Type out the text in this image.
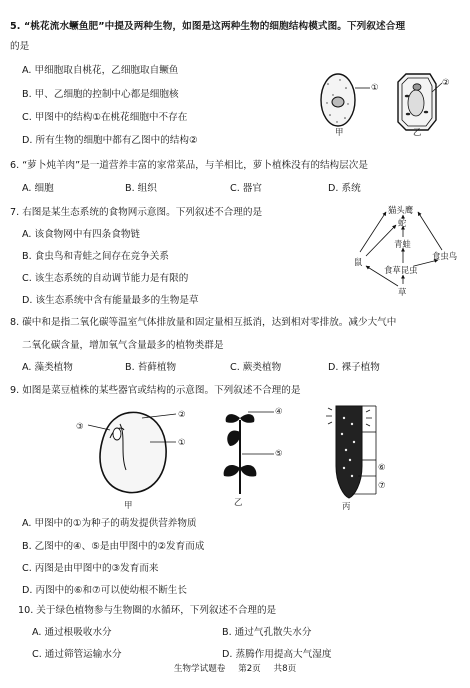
5. “桃花流水鳜鱼肥”中提及两种生物，如图是这两种生物的细胞结构模式图。下列叙述合理
的是
A. 甲细胞取自桃花，乙细胞取自鳜鱼
B. 甲、乙细胞的控制中心都是细胞核
C. 甲图中的结构①在桃花细胞中不存在
D. 所有生物的细胞中都有乙图中的结构②
①	②
甲	乙
6. “萝卜炖羊肉”是一道营养丰富的家常菜品，与羊相比，萝卜植株没有的结构层次是
A. 细胞	B. 组织	C. 器官	D. 系统
7. 右图是某生态系统的食物网示意图。下列叙述不合理的是
A. 该食物网中有四条食物链
B. 食虫鸟和青蛙之间存在竞争关系
C. 该生态系统的自动调节能力是有限的
D. 该生态系统中含有能量最多的生物是草
猫头鹰
蛇
青蛙
鼠
食虫鸟
食草昆虫
草
8. 碳中和是指二氧化碳等温室气体排放量和固定量相互抵消，达到相对零排放。减少大气中
二氧化碳含量，增加氧气含量最多的植物类群是
A. 藻类植物	B. 苔藓植物	C. 蕨类植物	D. 裸子植物
9. 如图是菜豆植株的某些器官或结构的示意图。下列叙述不合理的是
③
②
①
甲
④
⑤
乙
⑥
⑦
丙
A. 甲图中的①为种子的萌发提供营养物质
B. 乙图中的④、⑤是由甲图中的②发育而成
C. 丙图是由甲图中的③发育而来
D. 丙图中的⑥和⑦可以使幼根不断生长
10. 关于绿色植物参与生物圈的水循环，下列叙述不合理的是
A. 通过根吸收水分	B. 通过气孔散失水分
C. 通过筛管运输水分	D. 蒸腾作用提高大气湿度
生物学试题卷 第2页 共8页
